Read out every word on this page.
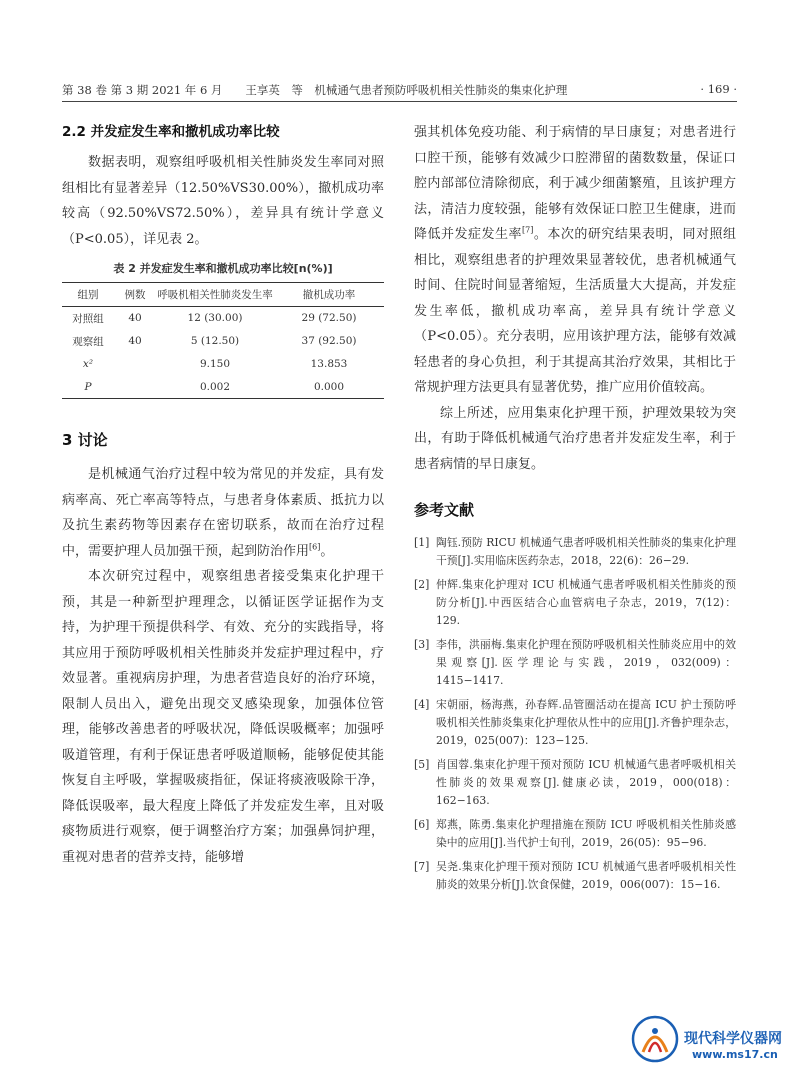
第 38 卷 第 3 期 2021 年 6 月　　王享英　等　机械通气患者预防呼吸机相关性肺炎的集束化护理	· 169 ·
2.2 并发症发生率和撤机成功率比较

数据表明，观察组呼吸机相关性肺炎发生率同对照组相比有显著差异（12.50%VS30.00%），撤机成功率较高（92.50%VS72.50%），差异具有统计学意义（P<0.05），详见表 2。

表 2 并发症发生率和撤机成功率比较[n(%)]
组别	例数	呼吸机相关性肺炎发生率	撤机成功率
对照组	40	12 (30.00)	29 (72.50)
观察组	40	5 (12.50)	37 (92.50)
x²		9.150	13.853
P		0.002	0.000
3 讨论

是机械通气治疗过程中较为常见的并发症，具有发病率高、死亡率高等特点，与患者身体素质、抵抗力以及抗生素药物等因素存在密切联系，故而在治疗过程中，需要护理人员加强干预，起到防治作用[6]。

本次研究过程中，观察组患者接受集束化护理干预，其是一种新型护理理念，以循证医学证据作为支持，为护理干预提供科学、有效、充分的实践指导，将其应用于预防呼吸机相关性肺炎并发症护理过程中，疗效显著。重视病房护理，为患者营造良好的治疗环境，限制人员出入，避免出现交叉感染现象，加强体位管理，能够改善患者的呼吸状况，降低误吸概率；加强呼吸道管理，有利于保证患者呼吸道顺畅，能够促使其能恢复自主呼吸，掌握吸痰指征，保证将痰液吸除干净，降低误吸率，最大程度上降低了并发症发生率，且对吸痰物质进行观察，便于调整治疗方案；加强鼻饲护理，重视对患者的营养支持，能够增

强其机体免疫功能、利于病情的早日康复；对患者进行口腔干预，能够有效减少口腔滞留的菌数数量，保证口腔内部部位清除彻底，利于减少细菌繁殖，且该护理方法，清洁力度较强，能够有效保证口腔卫生健康，进而降低并发症发生率[7]。本次的研究结果表明，同对照组相比，观察组患者的护理效果显著较优，患者机械通气时间、住院时间显著缩短，生活质量大大提高，并发症发生率低，撤机成功率高，差异具有统计学意义（P<0.05）。充分表明，应用该护理方法，能够有效减轻患者的身心负担，利于其提高其治疗效果，其相比于常规护理方法更具有显著优势，推广应用价值较高。

综上所述，应用集束化护理干预，护理效果较为突出，有助于降低机械通气治疗患者并发症发生率，利于患者病情的早日康复。

参考文献
[1] 陶钰.预防 RICU 机械通气患者呼吸机相关性肺炎的集束化护理干预[J].实用临床医药杂志，2018，22(6)：26−29.
[2] 仲辉.集束化护理对 ICU 机械通气患者呼吸机相关性肺炎的预防分析[J].中西医结合心血管病电子杂志，2019，7(12)：129.
[3] 李伟，洪丽梅.集束化护理在预防呼吸机相关性肺炎应用中的效果观察[J].医学理论与实践，2019，032(009)：1415−1417.
[4] 宋朝丽，杨海燕，孙春辉.品管圈活动在提高 ICU 护士预防呼吸机相关性肺炎集束化护理依从性中的应用[J].齐鲁护理杂志，2019，025(007)：123−125.
[5] 肖国蓉.集束化护理干预对预防 ICU 机械通气患者呼吸机相关性肺炎的效果观察[J].健康必读，2019，000(018)：162−163.
[6] 郑燕，陈勇.集束化护理措施在预防 ICU 呼吸机相关性肺炎感染中的应用[J].当代护士旬刊，2019，26(05)：95−96.
[7] 吴尧.集束化护理干预对预防 ICU 机械通气患者呼吸机相关性肺炎的效果分析[J].饮食保健，2019，006(007)：15−16.
现代科学仪器网
www.ms17.cn
